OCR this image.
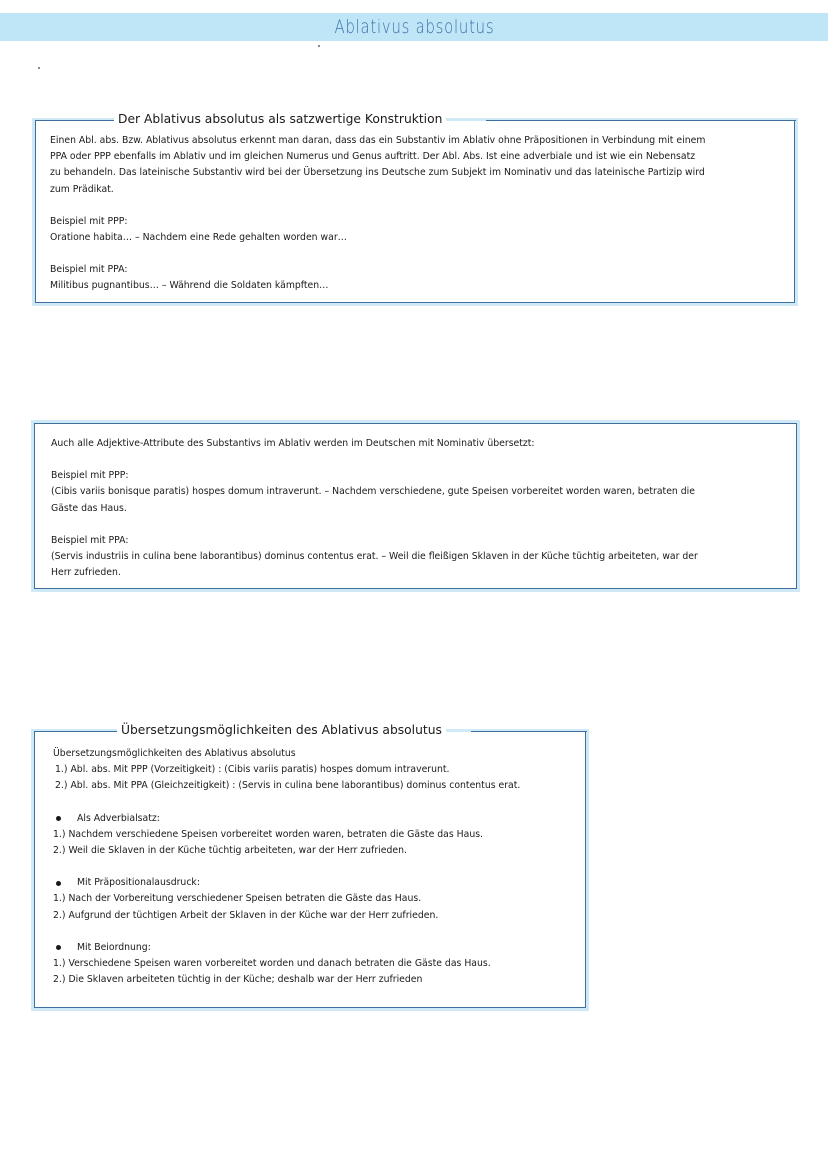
Ablativus absolutus
Der Ablativus absolutus als satzwertige Konstruktion

Einen Abl. abs. Bzw. Ablativus absolutus erkennt man daran, dass das ein Substantiv im Ablativ ohne Präpositionen in Verbindung mit einem

PPA oder PPP ebenfalls im Ablativ und im gleichen Numerus und Genus auftritt. Der Abl. Abs. Ist eine adverbiale und ist wie ein Nebensatz

zu behandeln. Das lateinische Substantiv wird bei der Übersetzung ins Deutsche zum Subjekt im Nominativ und das lateinische Partizip wird

zum Prädikat.

Beispiel mit PPP:

Oratione habita… – Nachdem eine Rede gehalten worden war…

Beispiel mit PPA:

Militibus pugnantibus… – Während die Soldaten kämpften…

Auch alle Adjektive-Attribute des Substantivs im Ablativ werden im Deutschen mit Nominativ übersetzt:

Beispiel mit PPP:

(Cibis variis bonisque paratis) hospes domum intraverunt. – Nachdem verschiedene, gute Speisen vorbereitet worden waren, betraten die

Gäste das Haus.

Beispiel mit PPA:

(Servis industriis in culina bene laborantibus) dominus contentus erat. – Weil die fleißigen Sklaven in der Küche tüchtig arbeiteten, war der

Herr zufrieden.

Übersetzungsmöglichkeiten des Ablativus absolutus

Übersetzungsmöglichkeiten des Ablativus absolutus

1.) Abl. abs. Mit PPP (Vorzeitigkeit) : (Cibis variis paratis) hospes domum intraverunt.

2.) Abl. abs. Mit PPA (Gleichzeitigkeit) : (Servis in culina bene laborantibus) dominus contentus erat.

Als Adverbialsatz:

1.) Nachdem verschiedene Speisen vorbereitet worden waren, betraten die Gäste das Haus.

2.) Weil die Sklaven in der Küche tüchtig arbeiteten, war der Herr zufrieden.

Mit Präpositionalausdruck:

1.) Nach der Vorbereitung verschiedener Speisen betraten die Gäste das Haus.

2.) Aufgrund der tüchtigen Arbeit der Sklaven in der Küche war der Herr zufrieden.

Mit Beiordnung:

1.) Verschiedene Speisen waren vorbereitet worden und danach betraten die Gäste das Haus.

2.) Die Sklaven arbeiteten tüchtig in der Küche; deshalb war der Herr zufrieden
